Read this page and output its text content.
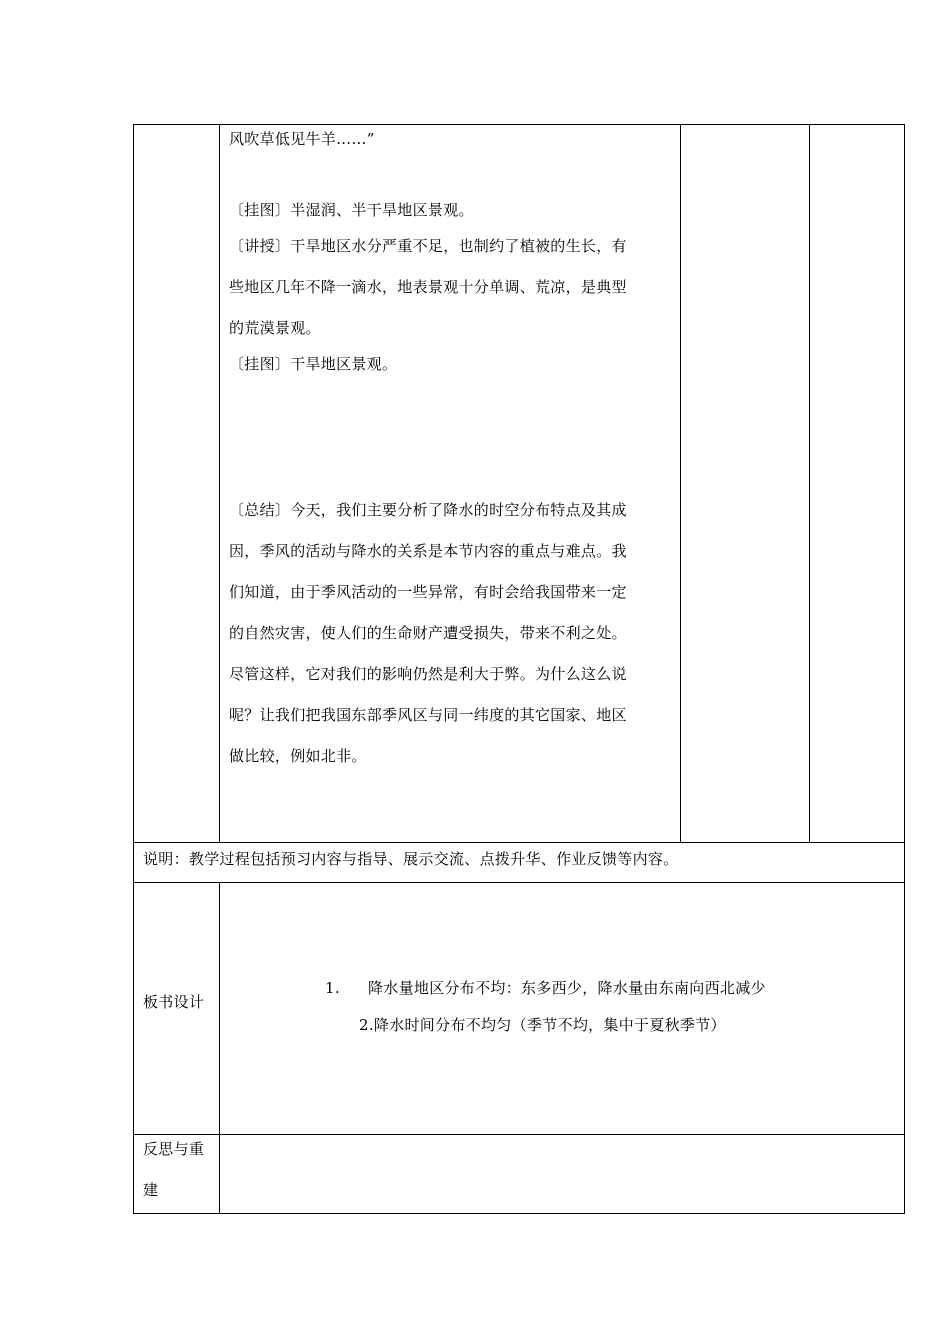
风吹草低见牛羊……”
〔挂图〕半湿润、半干旱地区景观。
〔讲授〕干旱地区水分严重不足，也制约了植被的生长，有
些地区几年不降一滴水，地表景观十分单调、荒凉，是典型
的荒漠景观。
〔挂图〕干旱地区景观。
〔总结〕今天，我们主要分析了降水的时空分布特点及其成
因，季风的活动与降水的关系是本节内容的重点与难点。我
们知道，由于季风活动的一些异常，有时会给我国带来一定
的自然灾害，使人们的生命财产遭受损失，带来不利之处。
尽管这样，它对我们的影响仍然是利大于弊。为什么这么说
呢？让我们把我国东部季风区与同一纬度的其它国家、地区
做比较，例如北非。
说明：教学过程包括预习内容与指导、展示交流、点拨升华、作业反馈等内容。
板书设计
1. 降水量地区分布不均：东多西少，降水量由东南向西北减少
2.降水时间分布不均匀（季节不均，集中于夏秋季节）
反思与重
建
